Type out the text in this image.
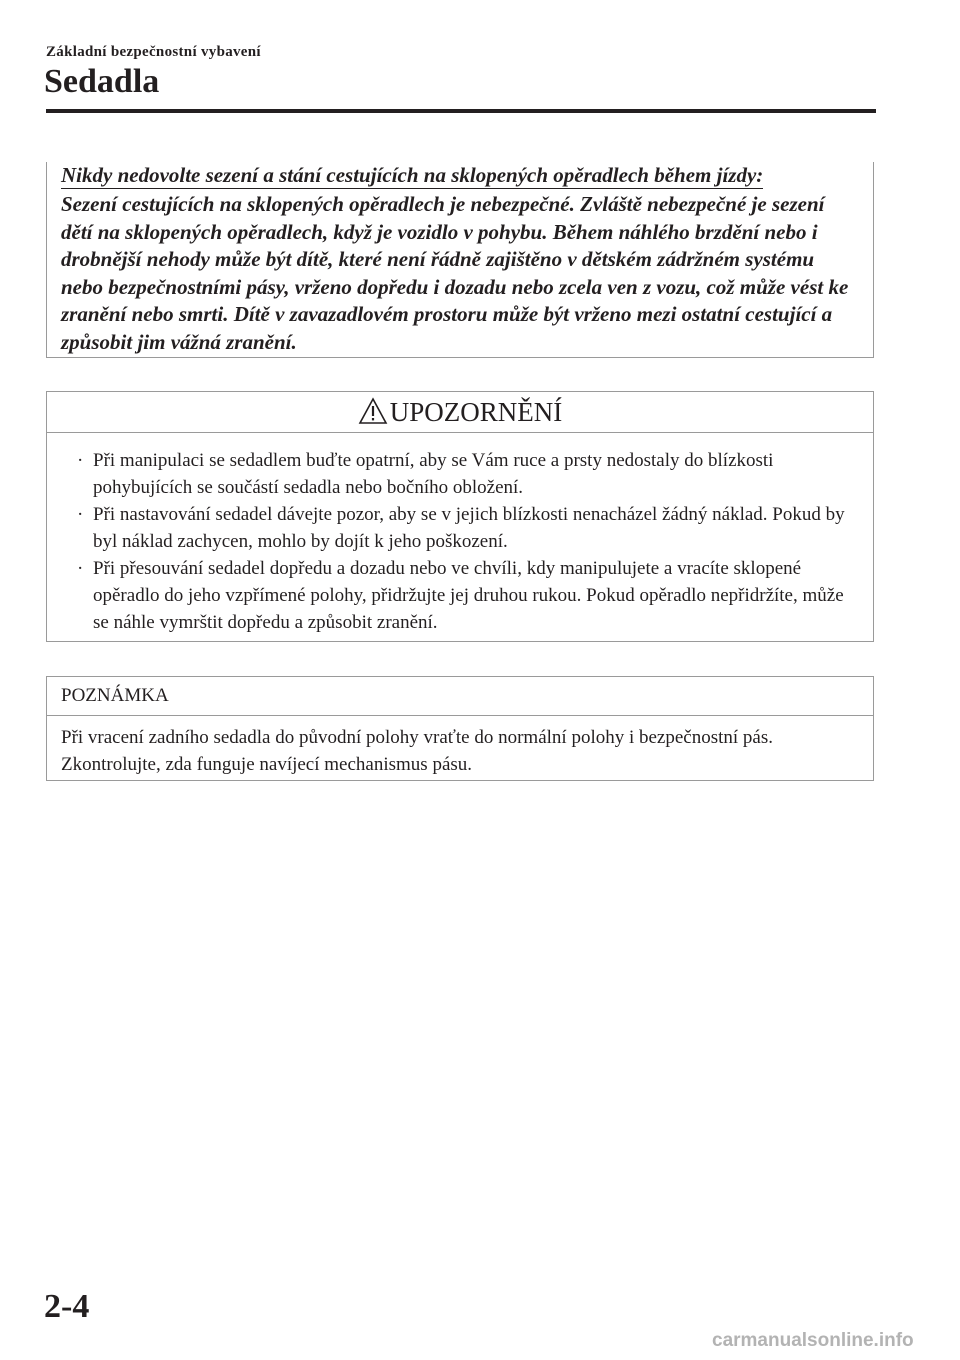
Základní bezpečnostní vybavení
Sedadla
Nikdy nedovolte sezení a stání cestujících na sklopených opěradlech během jízdy:

Sezení cestujících na sklopených opěradlech je nebezpečné. Zvláště nebezpečné je sezení dětí na sklopených opěradlech, když je vozidlo v pohybu. Během náhlého brzdění nebo i drobnější nehody může být dítě, které není řádně zajištěno v dětském zádržném systému nebo bezpečnostními pásy, vrženo dopředu i dozadu nebo zcela ven z vozu, což může vést ke zranění nebo smrti. Dítě v zavazadlovém prostoru může být vrženo mezi ostatní cestující a způsobit jim vážná zranění.

UPOZORNĚNÍ
· Při manipulaci se sedadlem buďte opatrní, aby se Vám ruce a prsty nedostaly do blízkosti pohybujících se součástí sedadla nebo bočního obložení.
· Při nastavování sedadel dávejte pozor, aby se v jejich blízkosti nenacházel žádný náklad. Pokud by byl náklad zachycen, mohlo by dojít k jeho poškození.
· Při přesouvání sedadel dopředu a dozadu nebo ve chvíli, kdy manipulujete a vracíte sklopené opěradlo do jeho vzpřímené polohy, přidržujte jej druhou rukou. Pokud opěradlo nepřidržíte, může se náhle vymrštit dopředu a způsobit zranění.
POZNÁMKA

Při vracení zadního sedadla do původní polohy vraťte do normální polohy i bezpečnostní pás. Zkontrolujte, zda funguje navíjecí mechanismus pásu.

2-4
carmanualsonline.info
